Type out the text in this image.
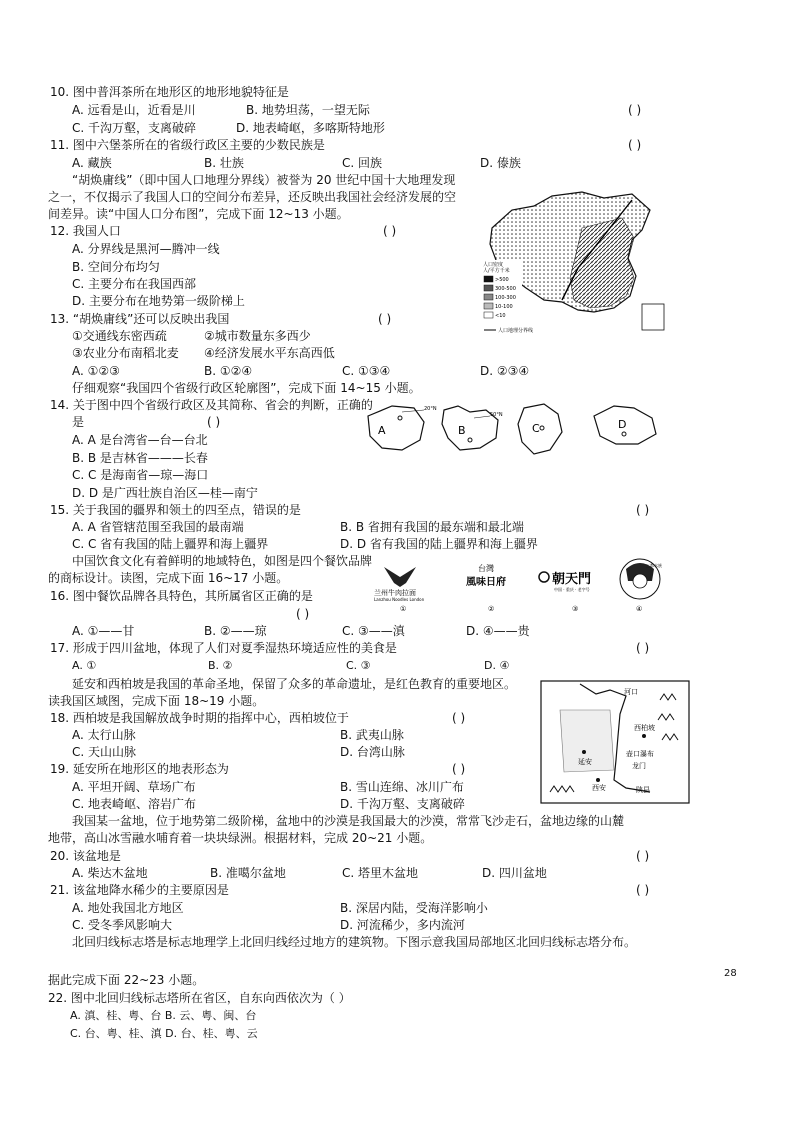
10. 图中普洱茶所在地形区的地形地貌特征是
A. 远看是山，近看是川	B. 地势坦荡，一望无际
C. 千沟万壑，支离破碎	D. 地表崎岖，多喀斯特地形
11. 图中六堡茶所在的省级行政区主要的少数民族是
A. 藏族	B. 壮族	C. 回族	D. 傣族
“胡焕庸线”（即中国人口地理分界线）被誉为 20 世纪中国十大地理发现
之一，不仅揭示了我国人口的空间分布差异，还反映出我国社会经济发展的空
间差异。读“中国人口分布图”，完成下面 12~13 小题。
12. 我国人口
A. 分界线是黑河—腾冲一线
B. 空间分布均匀
C. 主要分布在我国西部
D. 主要分布在地势第一级阶梯上
13. “胡焕庸线”还可以反映出我国
①交通线东密西疏	②城市数量东多西少
③农业分布南稻北麦 ④经济发展水平东高西低
A. ①②③	B. ①②④	C. ①③④	D. ②③④
仔细观察“我国四个省级行政区轮廓图”，完成下面 14~15 小题。
14. 关于图中四个省级行政区及其简称、省会的判断，正确的
是
A. A 是台湾省—台—台北
B. B 是吉林省———长春
C. C 是海南省—琼—海口
D. D 是广西壮族自治区—桂—南宁
15. 关于我国的疆界和领土的四至点，错误的是
A. A 省管辖范围至我国的最南端	B. B 省拥有我国的最东端和最北端
C. C 省有我国的陆上疆界和海上疆界	D. D 省有我国的陆上疆界和海上疆界
中国饮食文化有着鲜明的地域特色，如图是四个餐饮品牌
的商标设计。读图，完成下面 16~17 小题。
16. 图中餐饮品牌各具特色，其所属省区正确的是
A. ①——甘	B. ②——琼	C. ③——滇	D. ④——贵
17. 形成于四川盆地，体现了人们对夏季湿热环境适应性的美食是
A. ①	B. ②	C. ③	D. ④
延安和西柏坡是我国的革命圣地，保留了众多的革命遗址，是红色教育的重要地区。
读我国区域图，完成下面 18~19 小题。
18. 西柏坡是我国解放战争时期的指挥中心，西柏坡位于
A. 太行山脉	B. 武夷山脉
C. 天山山脉	D. 台湾山脉
19. 延安所在地形区的地表形态为
A. 平坦开阔、草场广布	B. 雪山连绵、冰川广布
C. 地表崎岖、溶岩广布	D. 千沟万壑、支离破碎
我国某一盆地，位于地势第二级阶梯，盆地中的沙漠是我国最大的沙漠，常常飞沙走石，盆地边缘的山麓
地带，高山冰雪融水哺育着一块块绿洲。根据材料，完成 20~21 小题。
20. 该盆地是
A. 柴达木盆地	B. 准噶尔盆地	C. 塔里木盆地	D. 四川盆地
21. 该盆地降水稀少的主要原因是
A. 地处我国北方地区	B. 深居内陆，受海洋影响小
C. 受冬季风影响大	D. 河流稀少，多内流河
北回归线标志塔是标志地理学上北回归线经过地方的建筑物。下图示意我国局部地区北回归线标志塔分布。
据此完成下面 22~23 小题。
22. 图中北回归线标志塔所在省区，自东向西依次为（ ）
A. 滇、桂、粤、台 B. 云、粤、闽、台
C. 台、粤、桂、滇 D. 台、桂、粤、云
( )
( )
( )
( )
( )
( )
( )
( )
( )
( )
( )
( )
人口密度
人/平方千米
>500
300-500
100-300
10-100
<10
人口地理分界线
A
20°N
B
50°N
C	D
兰州牛肉拉面
Lanzhou Noodles London
①
台灣
風味日府
②
朝天門
中国 · 重庆 · 老字号
③
三都水族
④
河口
西柏坡
延安
壶口瀑布
龙门
西安	陕县
28
